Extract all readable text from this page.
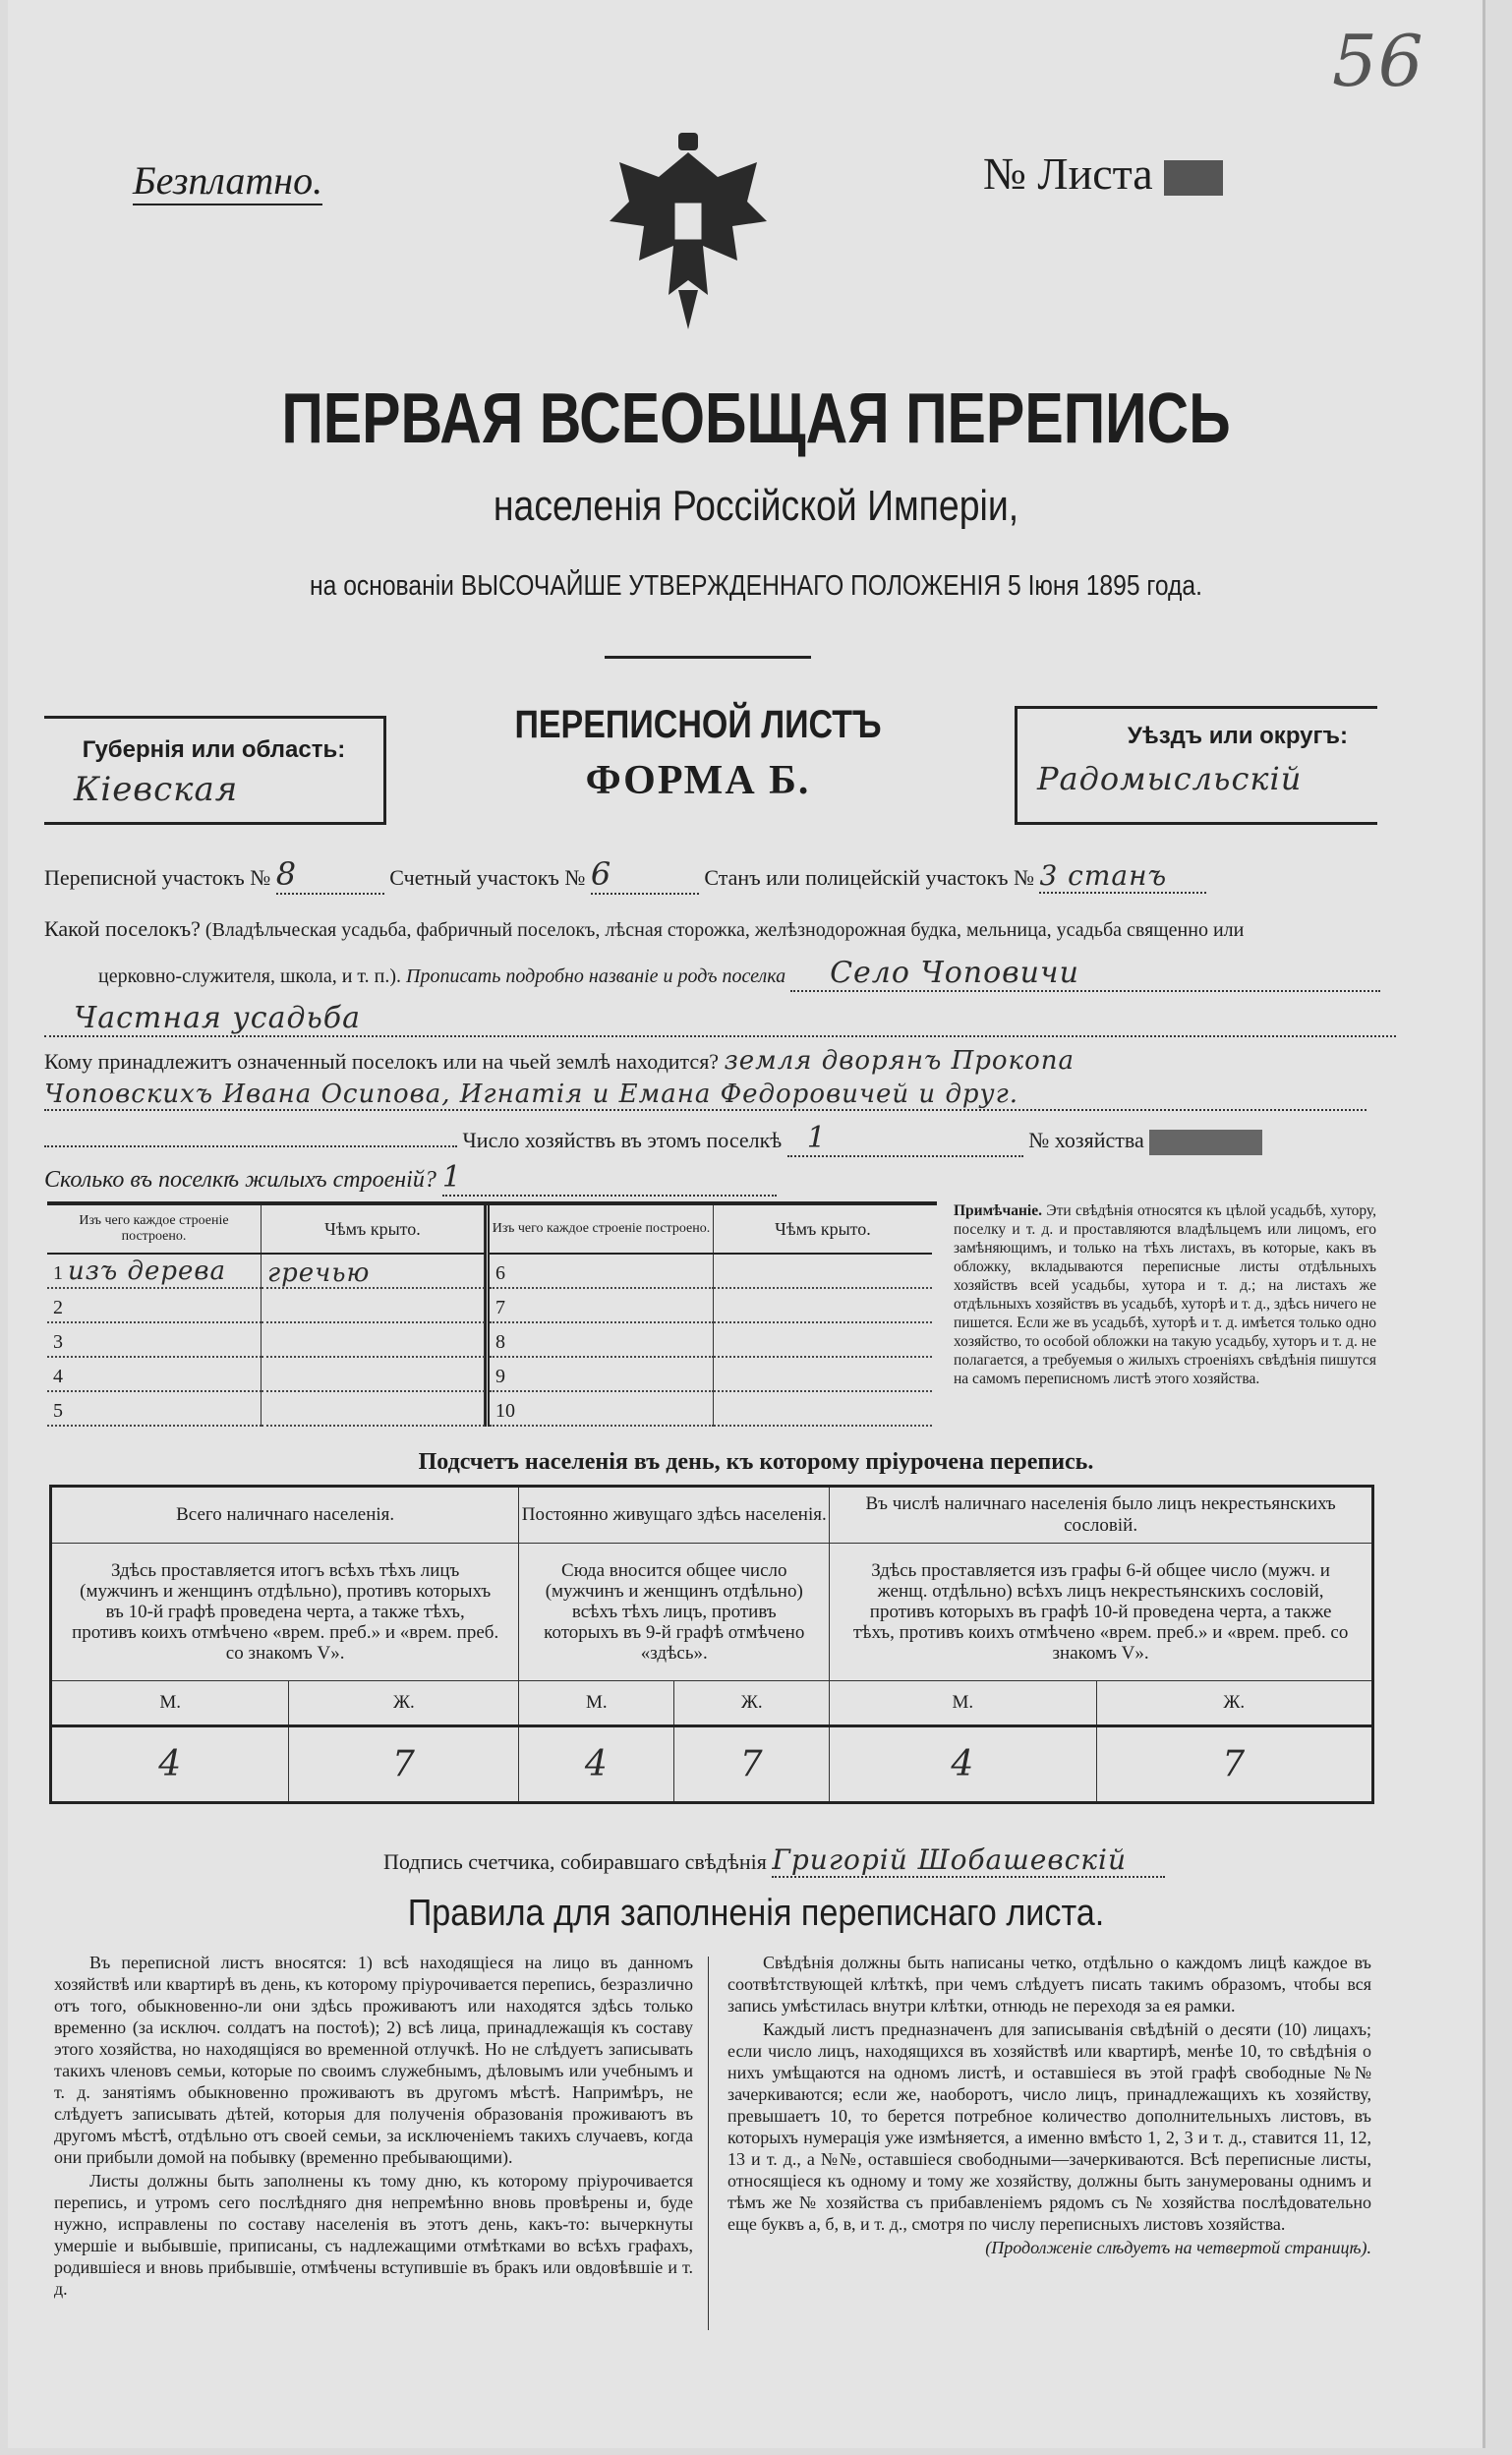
56
Безплатно.	№ Листа
ПЕРВАЯ ВСЕОБЩАЯ ПЕРЕПИСЬ
населенія Россійской Имперіи,
на основаніи ВЫСОЧАЙШЕ УТВЕРЖДЕННАГО ПОЛОЖЕНІЯ 5 Іюня 1895 года.
Губернія или область:
Кіевская
ПЕРЕПИСНОЙ ЛИСТЪ
ФОРМА Б.
Уѣздъ или округъ:
Радомысльскій
Переписной участокъ № 8	Счетный участокъ № 6	Станъ или полицейскій участокъ № 3 станъ
Какой поселокъ? (Владѣльческая усадьба, фабричный поселокъ, лѣсная сторожка, желѣзнодорожная будка, мельница, усадьба священно или
церковно-служителя, школа, и т. п.). Прописать подробно названіе и родъ поселка Село Чоповичи
Частная усадьба
Кому принадлежитъ означенный поселокъ или на чьей землѣ находится? земля дворянъ Прокопа
Чоповскихъ Ивана Осипова, Игнатія и Емана Федоровичей и друг.
Число хозяйствъ въ этомъ поселкѣ 1	№ хозяйства
Сколько въ поселкѣ жилыхъ строеній? 1
Изъ чего каждое строеніе построено.	Чѣмъ крыто.
1 изъ дерева	гречью
2	
3	
4	
5	
Изъ чего каждое строеніе построено.	Чѣмъ крыто.
6	
7	
8	
9	
10	
Примѣчаніе. Эти свѣдѣнія относятся къ цѣлой усадьбѣ, хутору, поселку и т. д. и проставляются владѣльцемъ или лицомъ, его замѣняющимъ, и только на тѣхъ листахъ, въ которые, какъ въ обложку, вкладываются переписные листы отдѣльныхъ хозяйствъ всей усадьбы, хутора и т. д.; на листахъ же отдѣльныхъ хозяйствъ въ усадьбѣ, хуторѣ и т. д., здѣсь ничего не пишется. Если же въ усадьбѣ, хуторѣ и т. д. имѣется только одно хозяйство, то особой обложки на такую усадьбу, хуторъ и т. д. не полагается, а требуемыя о жилыхъ строеніяхъ свѣдѣнія пишутся на самомъ переписномъ листѣ этого хозяйства.
Подсчетъ населенія въ день, къ которому пріурочена перепись.
Всего наличнаго населенія.		Постоянно живущаго здѣсь населенія.		Въ числѣ наличнаго населенія было лицъ некрестьянскихъ сословій.	
Здѣсь проставляется итогъ всѣхъ тѣхъ лицъ (мужчинъ и женщинъ отдѣльно), противъ которыхъ въ 10-й графѣ проведена черта, а также тѣхъ, противъ коихъ отмѣчено «врем. преб.» и «врем. преб. со знакомъ V».		Сюда вносится общее число (мужчинъ и женщинъ отдѣльно) всѣхъ тѣхъ лицъ, противъ которыхъ въ 9-й графѣ отмѣчено «здѣсь».		Здѣсь проставляется изъ графы 6-й общее число (мужч. и женщ. отдѣльно) всѣхъ лицъ некрестьянскихъ сословій, противъ которыхъ въ графѣ 10-й проведена черта, а также тѣхъ, противъ коихъ отмѣчено «врем. преб.» и «врем. преб. со знакомъ V».	
М.	Ж.	М.	Ж.	М.	Ж.
4	7	4	7	4	7
Подпись счетчика, собиравшаго свѣдѣнія Григорій Шобашевскій
Правила для заполненія переписнаго листа.

Въ переписной листъ вносятся: 1) всѣ находящіеся на лицо въ данномъ хозяйствѣ или квартирѣ въ день, къ которому пріурочивается перепись, безразлично отъ того, обыкновенно-ли они здѣсь проживаютъ или находятся здѣсь только временно (за исключ. солдатъ на постоѣ); 2) всѣ лица, принадлежащія къ составу этого хозяйства, но находящіяся во временной отлучкѣ. Но не слѣдуетъ записывать такихъ членовъ семьи, которые по своимъ служебнымъ, дѣловымъ или учебнымъ и т. д. занятіямъ обыкновенно проживаютъ въ другомъ мѣстѣ. Напримѣръ, не слѣдуетъ записывать дѣтей, которыя для полученія образованія проживаютъ въ другомъ мѣстѣ, отдѣльно отъ своей семьи, за исключеніемъ такихъ случаевъ, когда они прибыли домой на побывку (временно пребывающими).

Листы должны быть заполнены къ тому дню, къ которому пріурочивается перепись, и утромъ сего послѣдняго дня непремѣнно вновь провѣрены и, буде нужно, исправлены по составу населенія въ этотъ день, какъ-то: вычеркнуты умершіе и выбывшіе, приписаны, съ надлежащими отмѣтками во всѣхъ графахъ, родившіеся и вновь прибывшіе, отмѣчены вступившіе въ бракъ или овдовѣвшіе и т. д.

Свѣдѣнія должны быть написаны четко, отдѣльно о каждомъ лицѣ каждое въ соотвѣтствующей клѣткѣ, при чемъ слѣдуетъ писать такимъ образомъ, чтобы вся запись умѣстилась внутри клѣтки, отнюдь не переходя за ея рамки.

Каждый листъ предназначенъ для записыванія свѣдѣній о десяти (10) лицахъ; если число лицъ, находящихся въ хозяйствѣ или квартирѣ, менѣе 10, то свѣдѣнія о нихъ умѣщаются на одномъ листѣ, и оставшіеся въ этой графѣ свободные №№ зачеркиваются; если же, наоборотъ, число лицъ, принадлежащихъ къ хозяйству, превышаетъ 10, то берется потребное количество дополнительныхъ листовъ, въ которыхъ нумерація уже измѣняется, а именно вмѣсто 1, 2, 3 и т. д., ставится 11, 12, 13 и т. д., а №№, оставшіеся свободными—зачеркиваются. Всѣ переписные листы, относящіеся къ одному и тому же хозяйству, должны быть занумерованы однимъ и тѣмъ же № хозяйства съ прибавленіемъ рядомъ съ № хозяйства послѣдовательно еще буквъ а, б, в, и т. д., смотря по числу переписныхъ листовъ хозяйства.

(Продолженіе слѣдуетъ на четвертой страницѣ).
